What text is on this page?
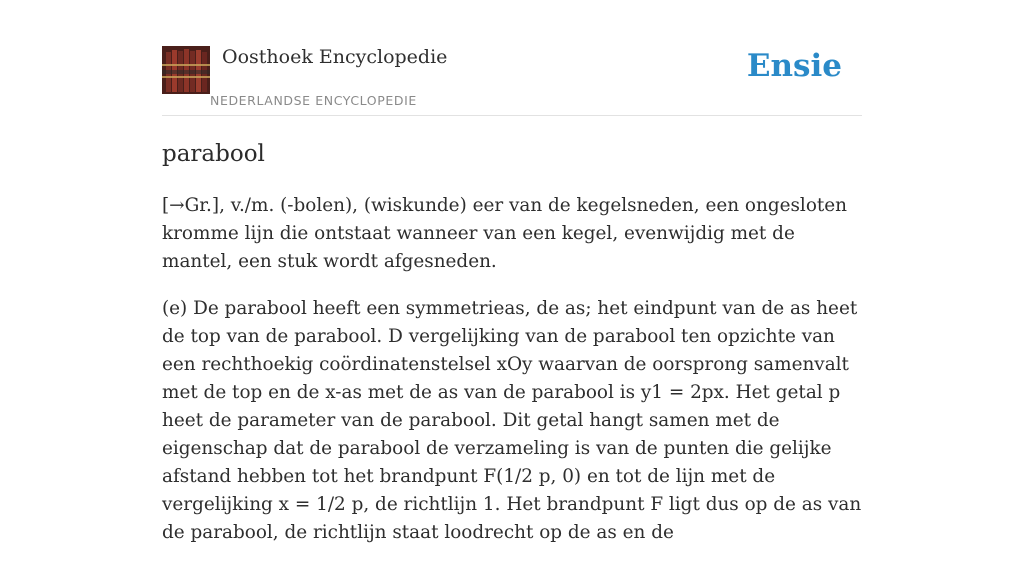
Oosthoek Encyclopedie
NEDERLANDSE ENCYCLOPEDIE
Ensie
parabool

[→Gr.], v./m. (-bolen), (wiskunde) eer van de kegelsneden, een ongesloten kromme lijn die ontstaat wanneer van een kegel, evenwijdig met de mantel, een stuk wordt afgesneden.

(e) De parabool heeft een symmetrieas, de as; het eindpunt van de as heet de top van de parabool. D vergelijking van de parabool ten opzichte van een rechthoekig coördinatenstelsel xOy waarvan de oorsprong samenvalt met de top en de x-as met de as van de parabool is y1 = 2px. Het getal p heet de parameter van de parabool. Dit getal hangt samen met de eigenschap dat de parabool de verzameling is van de punten die gelijke afstand hebben tot het brandpunt F(1/2 p, 0) en tot de lijn met de vergelijking x = 1/2 p, de richtlijn 1. Het brandpunt F ligt dus op de as van de parabool, de richtlijn staat loodrecht op de as en de
